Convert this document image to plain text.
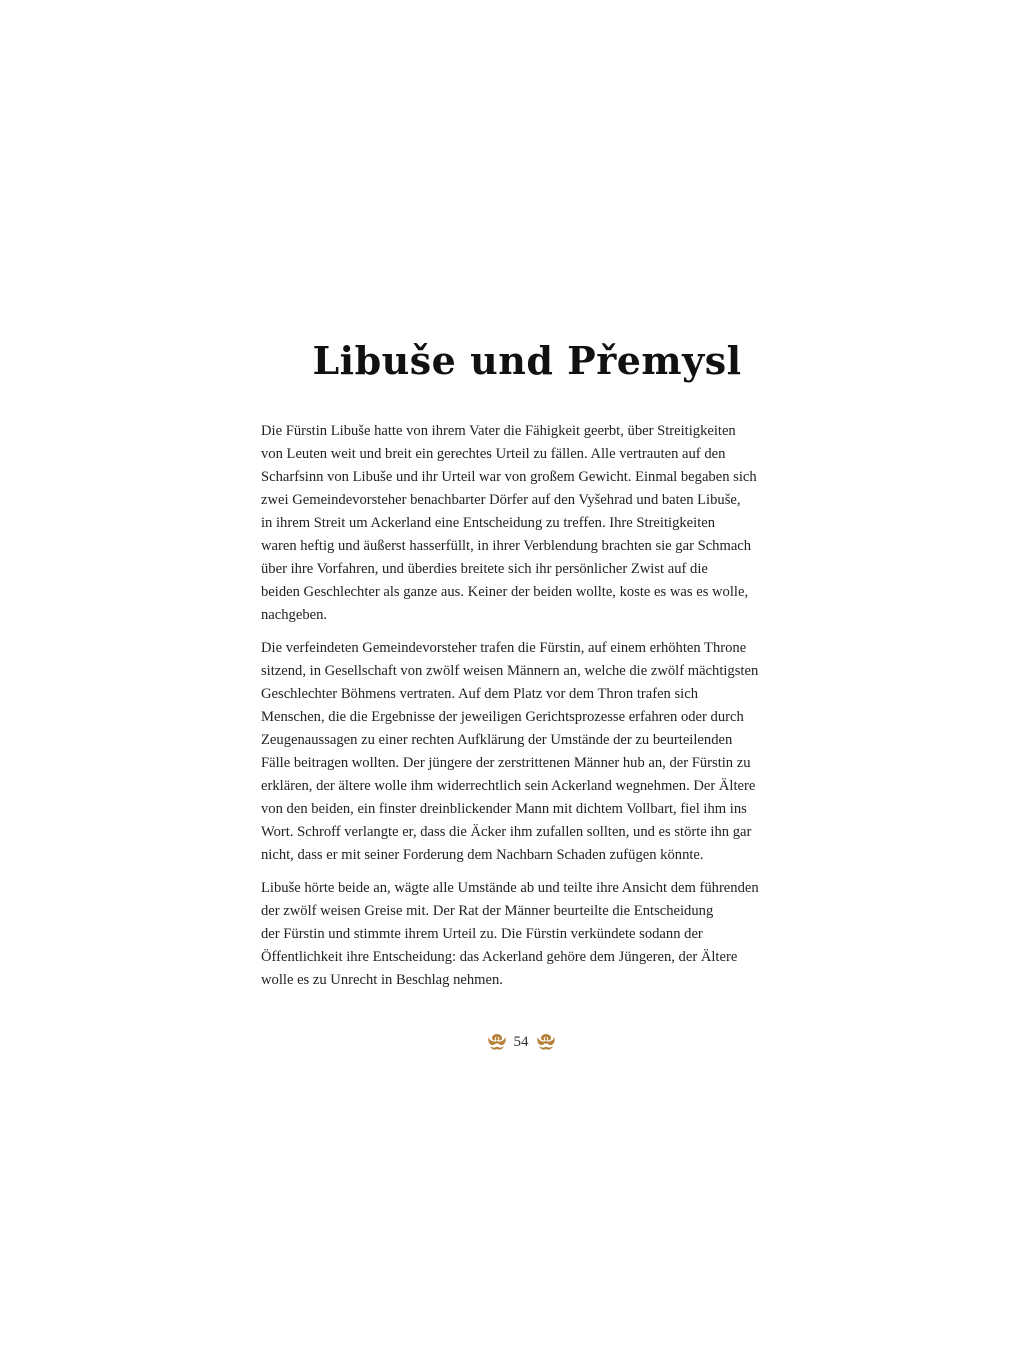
Libuše und Přemysl
Die Fürstin Libuše hatte von ihrem Vater die Fähigkeit geerbt, über Streitigkeiten
von Leuten weit und breit ein gerechtes Urteil zu fällen. Alle vertrauten auf den
Scharfsinn von Libuše und ihr Urteil war von großem Gewicht. Einmal begaben sich
zwei Gemeindevorsteher benachbarter Dörfer auf den Vyšehrad und baten Libuše,
in ihrem Streit um Ackerland eine Entscheidung zu treffen. Ihre Streitigkeiten
waren heftig und äußerst hasserfüllt, in ihrer Verblendung brachten sie gar Schmach
über ihre Vorfahren, und überdies breitete sich ihr persönlicher Zwist auf die
beiden Geschlechter als ganze aus. Keiner der beiden wollte, koste es was es wolle,
nachgeben.
Die verfeindeten Gemeindevorsteher trafen die Fürstin, auf einem erhöhten Throne
sitzend, in Gesellschaft von zwölf weisen Männern an, welche die zwölf mächtigsten
Geschlechter Böhmens vertraten. Auf dem Platz vor dem Thron trafen sich
Menschen, die die Ergebnisse der jeweiligen Gerichtsprozesse erfahren oder durch
Zeugenaussagen zu einer rechten Aufklärung der Umstände der zu beurteilenden
Fälle beitragen wollten. Der jüngere der zerstrittenen Männer hub an, der Fürstin zu
erklären, der ältere wolle ihm widerrechtlich sein Ackerland wegnehmen. Der Ältere
von den beiden, ein finster dreinblickender Mann mit dichtem Vollbart, fiel ihm ins
Wort. Schroff verlangte er, dass die Äcker ihm zufallen sollten, und es störte ihn gar
nicht, dass er mit seiner Forderung dem Nachbarn Schaden zufügen könnte.
Libuše hörte beide an, wägte alle Umstände ab und teilte ihre Ansicht dem führenden
der zwölf weisen Greise mit. Der Rat der Männer beurteilte die Entscheidung
der Fürstin und stimmte ihrem Urteil zu. Die Fürstin verkündete sodann der
Öffentlichkeit ihre Entscheidung: das Ackerland gehöre dem Jüngeren, der Ältere
wolle es zu Unrecht in Beschlag nehmen.
54
